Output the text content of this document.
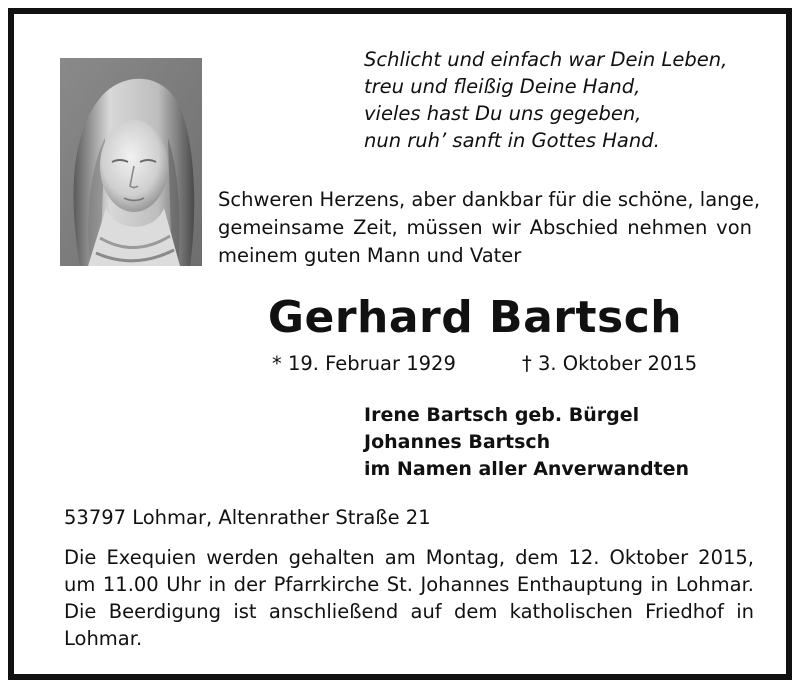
Schlicht und einfach war Dein Leben,
treu und fleißig Deine Hand,
vieles hast Du uns gegeben,
nun ruh’ sanft in Gottes Hand.
Schweren Herzens, aber dankbar für die schöne, lange,
gemeinsame Zeit, müssen wir Abschied nehmen von
meinem guten Mann und Vater
Gerhard Bartsch
* 19. Februar 1929	† 3. Oktober 2015
Irene Bartsch geb. Bürgel
Johannes Bartsch
im Namen aller Anverwandten
53797 Lohmar, Altenrather Straße 21
Die Exequien werden gehalten am Montag, dem 12. Oktober 2015,
um 11.00 Uhr in der Pfarrkirche St. Johannes Enthauptung in Lohmar.
Die Beerdigung ist anschließend auf dem katholischen Friedhof in
Lohmar.
